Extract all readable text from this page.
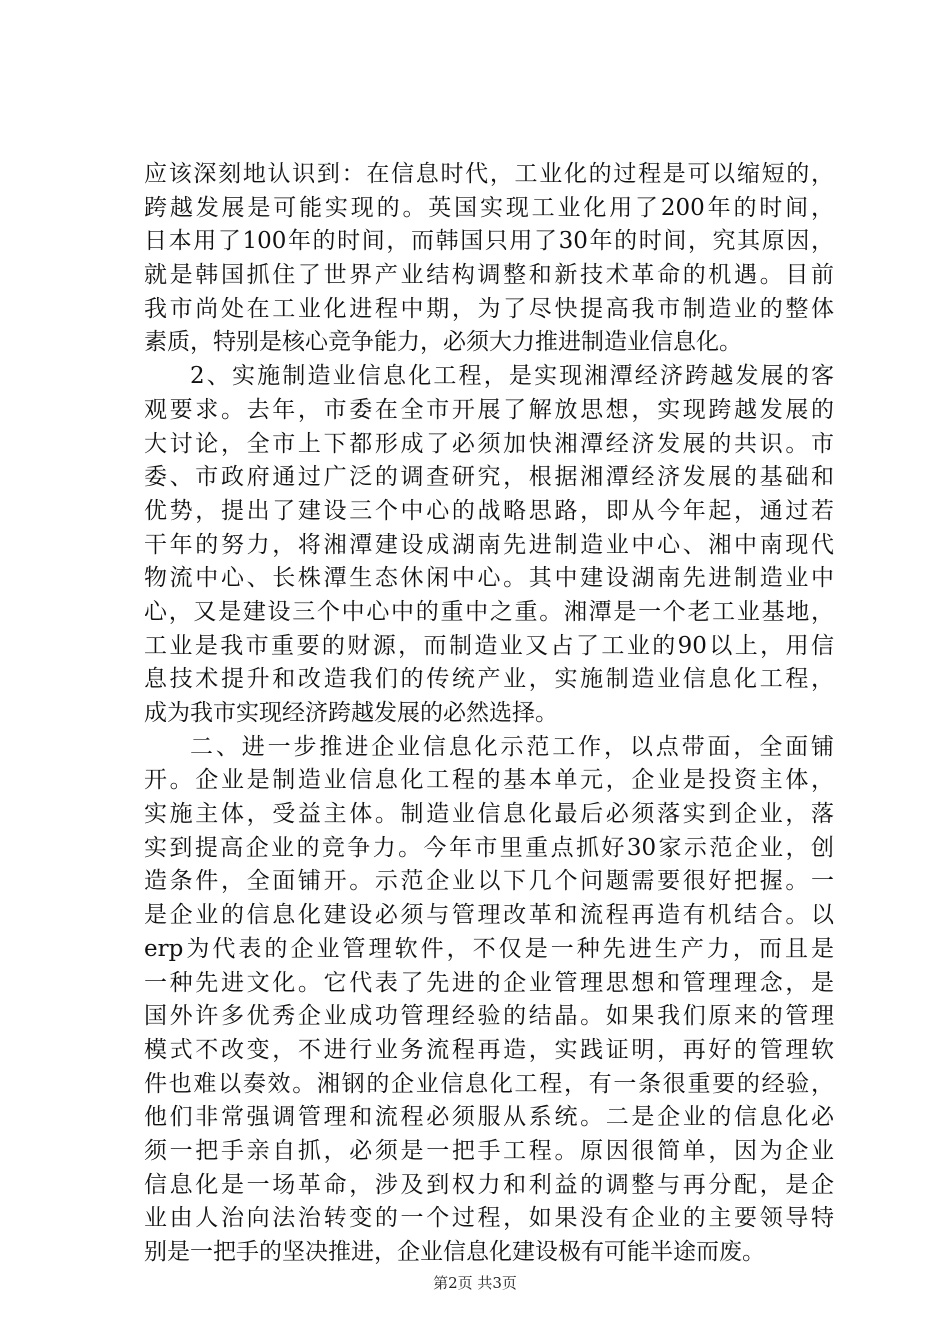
应该深刻地认识到：在信息时代，工业化的过程是可以缩短的，
跨越发展是可能实现的。英国实现工业化用了200年的时间，
日本用了100年的时间，而韩国只用了30年的时间，究其原因，
就是韩国抓住了世界产业结构调整和新技术革命的机遇。目前
我市尚处在工业化进程中期，为了尽快提高我市制造业的整体
素质，特别是核心竞争能力，必须大力推进制造业信息化。
2、实施制造业信息化工程，是实现湘潭经济跨越发展的客
观要求。去年，市委在全市开展了解放思想，实现跨越发展的
大讨论，全市上下都形成了必须加快湘潭经济发展的共识。市
委、市政府通过广泛的调查研究，根据湘潭经济发展的基础和
优势，提出了建设三个中心的战略思路，即从今年起，通过若
干年的努力，将湘潭建设成湖南先进制造业中心、湘中南现代
物流中心、长株潭生态休闲中心。其中建设湖南先进制造业中
心，又是建设三个中心中的重中之重。湘潭是一个老工业基地，
工业是我市重要的财源，而制造业又占了工业的90以上，用信
息技术提升和改造我们的传统产业，实施制造业信息化工程，
成为我市实现经济跨越发展的必然选择。
二、进一步推进企业信息化示范工作，以点带面，全面铺
开。企业是制造业信息化工程的基本单元，企业是投资主体，
实施主体，受益主体。制造业信息化最后必须落实到企业，落
实到提高企业的竞争力。今年市里重点抓好30家示范企业，创
造条件，全面铺开。示范企业以下几个问题需要很好把握。一
是企业的信息化建设必须与管理改革和流程再造有机结合。以
erp为代表的企业管理软件，不仅是一种先进生产力，而且是
一种先进文化。它代表了先进的企业管理思想和管理理念，是
国外许多优秀企业成功管理经验的结晶。如果我们原来的管理
模式不改变，不进行业务流程再造，实践证明，再好的管理软
件也难以奏效。湘钢的企业信息化工程，有一条很重要的经验，
他们非常强调管理和流程必须服从系统。二是企业的信息化必
须一把手亲自抓，必须是一把手工程。原因很简单，因为企业
信息化是一场革命，涉及到权力和利益的调整与再分配，是企
业由人治向法治转变的一个过程，如果没有企业的主要领导特
别是一把手的坚决推进，企业信息化建设极有可能半途而废。
第2页 共3页
